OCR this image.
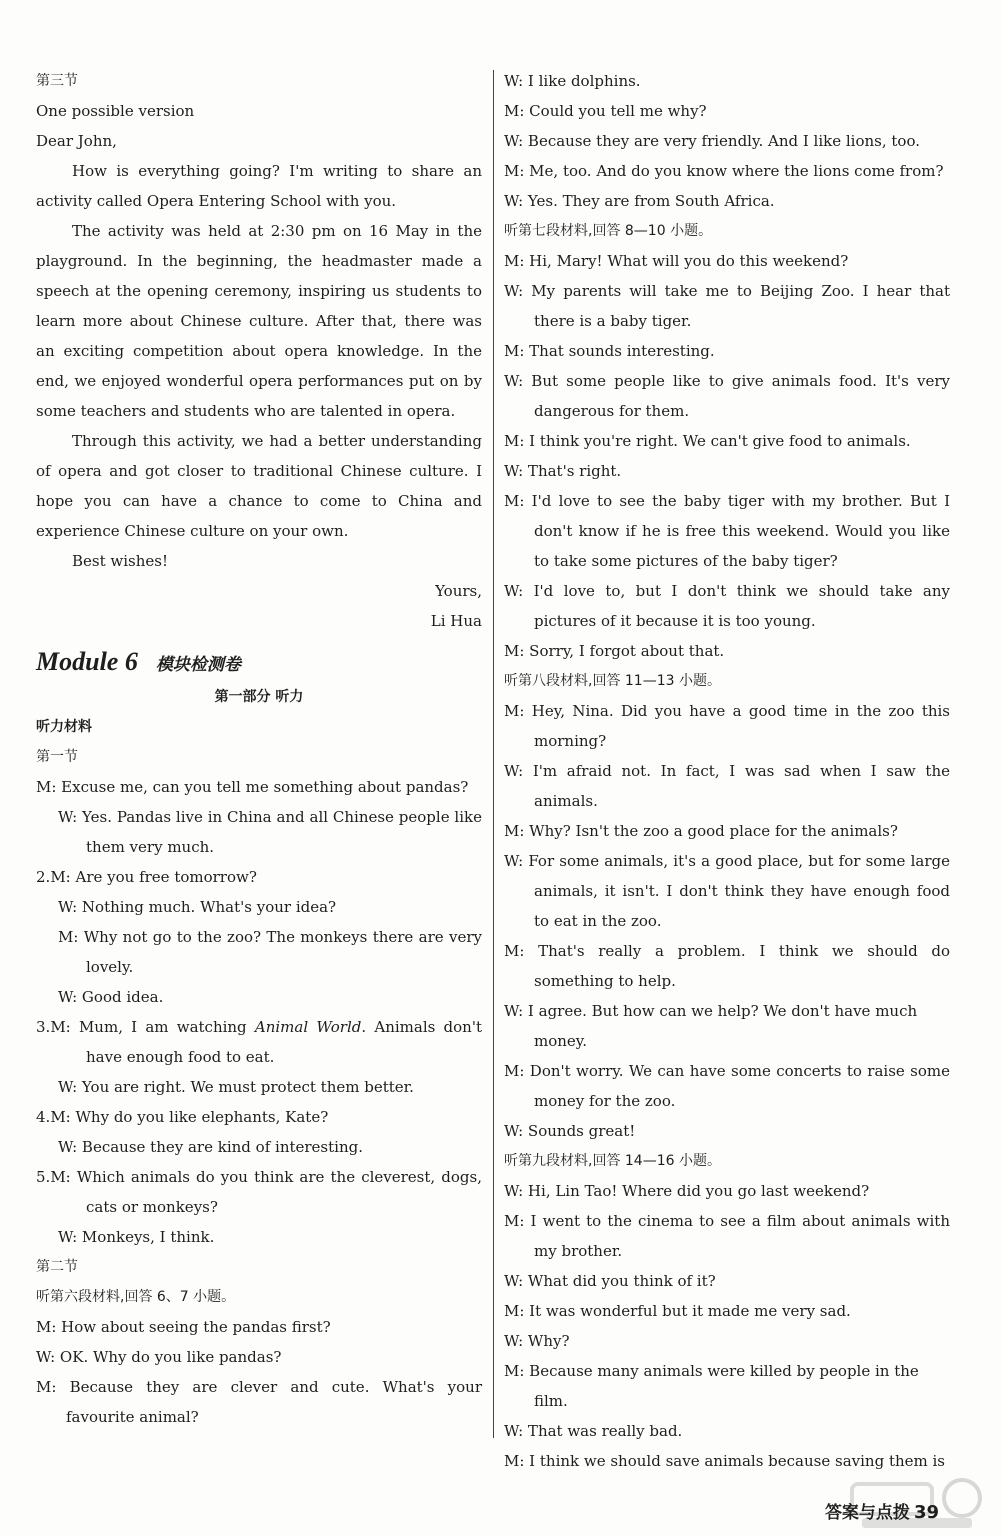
第三节

One possible version

Dear John,

How is everything going? I'm writing to share an activity called Opera Entering School with you.

The activity was held at 2:30 pm on 16 May in the playground. In the beginning, the headmaster made a speech at the opening ceremony, inspiring us students to learn more about Chinese culture. After that, there was an exciting competition about opera knowledge. In the end, we enjoyed wonderful opera performances put on by some teachers and students who are talented in opera.

Through this activity, we had a better understanding of opera and got closer to traditional Chinese culture. I hope you can have a chance to come to China and experience Chinese culture on your own.

Best wishes!

Yours,

Li Hua

Module 6 模块检测卷

第一部分 听力

听力材料

第一节

M: Excuse me, can you tell me something about pandas?

W: Yes. Pandas live in China and all Chinese people like them very much.

2.M: Are you free tomorrow?

W: Nothing much. What's your idea?

M: Why not go to the zoo? The monkeys there are very lovely.

W: Good idea.

3.M: Mum, I am watching Animal World. Animals don't have enough food to eat.

W: You are right. We must protect them better.

4.M: Why do you like elephants, Kate?

W: Because they are kind of interesting.

5.M: Which animals do you think are the cleverest, dogs, cats or monkeys?

W: Monkeys, I think.

第二节

听第六段材料,回答 6、7 小题。

M: How about seeing the pandas first?

W: OK. Why do you like pandas?

M: Because they are clever and cute. What's your favourite animal?

W: I like dolphins.

M: Could you tell me why?

W: Because they are very friendly. And I like lions, too.

M: Me, too. And do you know where the lions come from?

W: Yes. They are from South Africa.

听第七段材料,回答 8—10 小题。

M: Hi, Mary! What will you do this weekend?

W: My parents will take me to Beijing Zoo. I hear that there is a baby tiger.

M: That sounds interesting.

W: But some people like to give animals food. It's very dangerous for them.

M: I think you're right. We can't give food to animals.

W: That's right.

M: I'd love to see the baby tiger with my brother. But I don't know if he is free this weekend. Would you like to take some pictures of the baby tiger?

W: I'd love to, but I don't think we should take any pictures of it because it is too young.

M: Sorry, I forgot about that.

听第八段材料,回答 11—13 小题。

M: Hey, Nina. Did you have a good time in the zoo this morning?

W: I'm afraid not. In fact, I was sad when I saw the animals.

M: Why? Isn't the zoo a good place for the animals?

W: For some animals, it's a good place, but for some large animals, it isn't. I don't think they have enough food to eat in the zoo.

M: That's really a problem. I think we should do something to help.

W: I agree. But how can we help? We don't have much money.

M: Don't worry. We can have some concerts to raise some money for the zoo.

W: Sounds great!

听第九段材料,回答 14—16 小题。

W: Hi, Lin Tao! Where did you go last weekend?

M: I went to the cinema to see a film about animals with my brother.

W: What did you think of it?

M: It was wonderful but it made me very sad.

W: Why?

M: Because many animals were killed by people in the film.

W: That was really bad.

M: I think we should save animals because saving them is

答案与点拨 39
